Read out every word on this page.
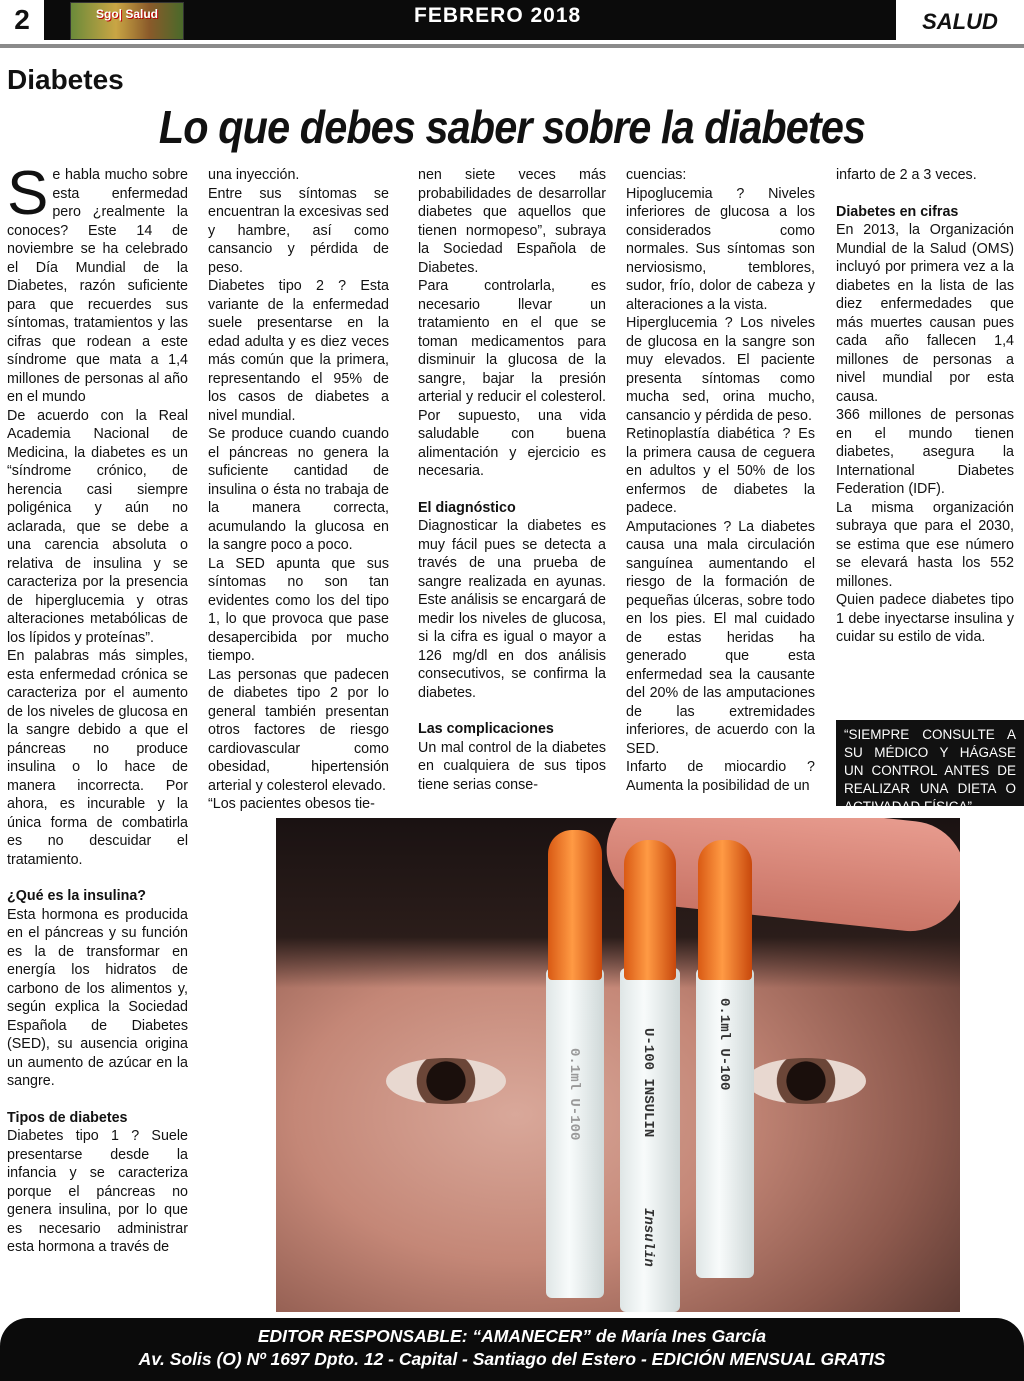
2	Sgo| Salud	FEBRERO 2018	SALUD
Diabetes
Lo que debes saber sobre la diabetes

Se habla mucho sobre esta enfermedad pero ¿realmente la conoces? Este 14 de noviembre se ha celebrado el Día Mundial de la Diabetes, razón suficiente para que recuerdes sus síntomas, tratamientos y las cifras que rodean a este síndrome que mata a 1,4 millones de personas al año en el mundo

De acuerdo con la Real Academia Nacional de Medicina, la diabetes es un “síndrome crónico, de herencia casi siempre poligénica y aún no aclarada, que se debe a una carencia absoluta o relativa de insulina y se caracteriza por la presencia de hiperglucemia y otras alteraciones metabólicas de los lípidos y proteínas”.

En palabras más simples, esta enfermedad crónica se caracteriza por el aumento de los niveles de glucosa en la sangre debido a que el páncreas no produce insulina o lo hace de manera incorrecta. Por ahora, es incurable y la única forma de combatirla es no descuidar el tratamiento.

¿Qué es la insulina?

Esta hormona es producida en el páncreas y su función es la de transformar en energía los hidratos de carbono de los alimentos y, según explica la Sociedad Española de Diabetes (SED), su ausencia origina un aumento de azúcar en la sangre.

Tipos de diabetes

Diabetes tipo 1 ? Suele presentarse desde la infancia y se caracteriza porque el páncreas no genera insulina, por lo que es necesario administrar esta hormona a través de

una inyección.

Entre sus síntomas se encuentran la excesivas sed y hambre, así como cansancio y pérdida de peso.

Diabetes tipo 2 ? Esta variante de la enfermedad suele presentarse en la edad adulta y es diez veces más común que la primera, representando el 95% de los casos de diabetes a nivel mundial.

Se produce cuando cuando el páncreas no genera la suficiente cantidad de insulina o ésta no trabaja de la manera correcta, acumulando la glucosa en la sangre poco a poco.

La SED apunta que sus síntomas no son tan evidentes como los del tipo 1, lo que provoca que pase desapercibida por mucho tiempo.

Las personas que padecen de diabetes tipo 2 por lo general también presentan otros factores de riesgo cardiovascular como obesidad, hipertensión arterial y colesterol elevado.

“Los pacientes obesos tie-

nen siete veces más probabilidades de desarrollar diabetes que aquellos que tienen normopeso”, subraya la Sociedad Española de Diabetes.

Para controlarla, es necesario llevar un tratamiento en el que se toman medicamentos para disminuir la glucosa de la sangre, bajar la presión arterial y reducir el colesterol. Por supuesto, una vida saludable con buena alimentación y ejercicio es necesaria.

El diagnóstico

Diagnosticar la diabetes es muy fácil pues se detecta a través de una prueba de sangre realizada en ayunas. Este análisis se encargará de medir los niveles de glucosa, si la cifra es igual o mayor a 126 mg/dl en dos análisis consecutivos, se confirma la diabetes.

Las complicaciones

Un mal control de la diabetes en cualquiera de sus tipos tiene serias conse-

cuencias:

Hipoglucemia ? Niveles inferiores de glucosa a los considerados como normales. Sus síntomas son nerviosismo, temblores, sudor, frío, dolor de cabeza y alteraciones a la vista.

Hiperglucemia ? Los niveles de glucosa en la sangre son muy elevados. El paciente presenta síntomas como mucha sed, orina mucho, cansancio y pérdida de peso.

Retinoplastía diabética ? Es la primera causa de ceguera en adultos y el 50% de los enfermos de diabetes la padece.

Amputaciones ? La diabetes causa una mala circulación sanguínea aumentando el riesgo de la formación de pequeñas úlceras, sobre todo en los pies. El mal cuidado de estas heridas ha generado que esta enfermedad sea la causante del 20% de las amputaciones de las extremidades inferiores, de acuerdo con la SED.

Infarto de miocardio ? Aumenta la posibilidad de un

infarto de 2 a 3 veces.

Diabetes en cifras

En 2013, la Organización Mundial de la Salud (OMS) incluyó por primera vez a la diabetes en la lista de las diez enfermedades que más muertes causan pues cada año fallecen 1,4 millones de personas a nivel mundial por esta causa.

366 millones de personas en el mundo tienen diabetes, asegura la International Diabetes Federation (IDF).

La misma organización subraya que para el 2030, se estima que ese número se elevará hasta los 552 millones.

Quien padece diabetes tipo 1 debe inyectarse insulina y cuidar su estilo de vida.

“SIEMPRE CONSULTE A SU MÉDICO Y HÁGASE UN CONTROL ANTES DE REALIZAR UNA DIETA O ACTIVADAD FÍSICA”
0.1ml U-100	U-100 INSULIN
Insulin
0.1ml U-100
EDITOR RESPONSABLE: “AMANECER” de María Ines García
Av. Solis (O) Nº 1697 Dpto. 12 - Capital - Santiago del Estero - EDICIÓN MENSUAL GRATIS
